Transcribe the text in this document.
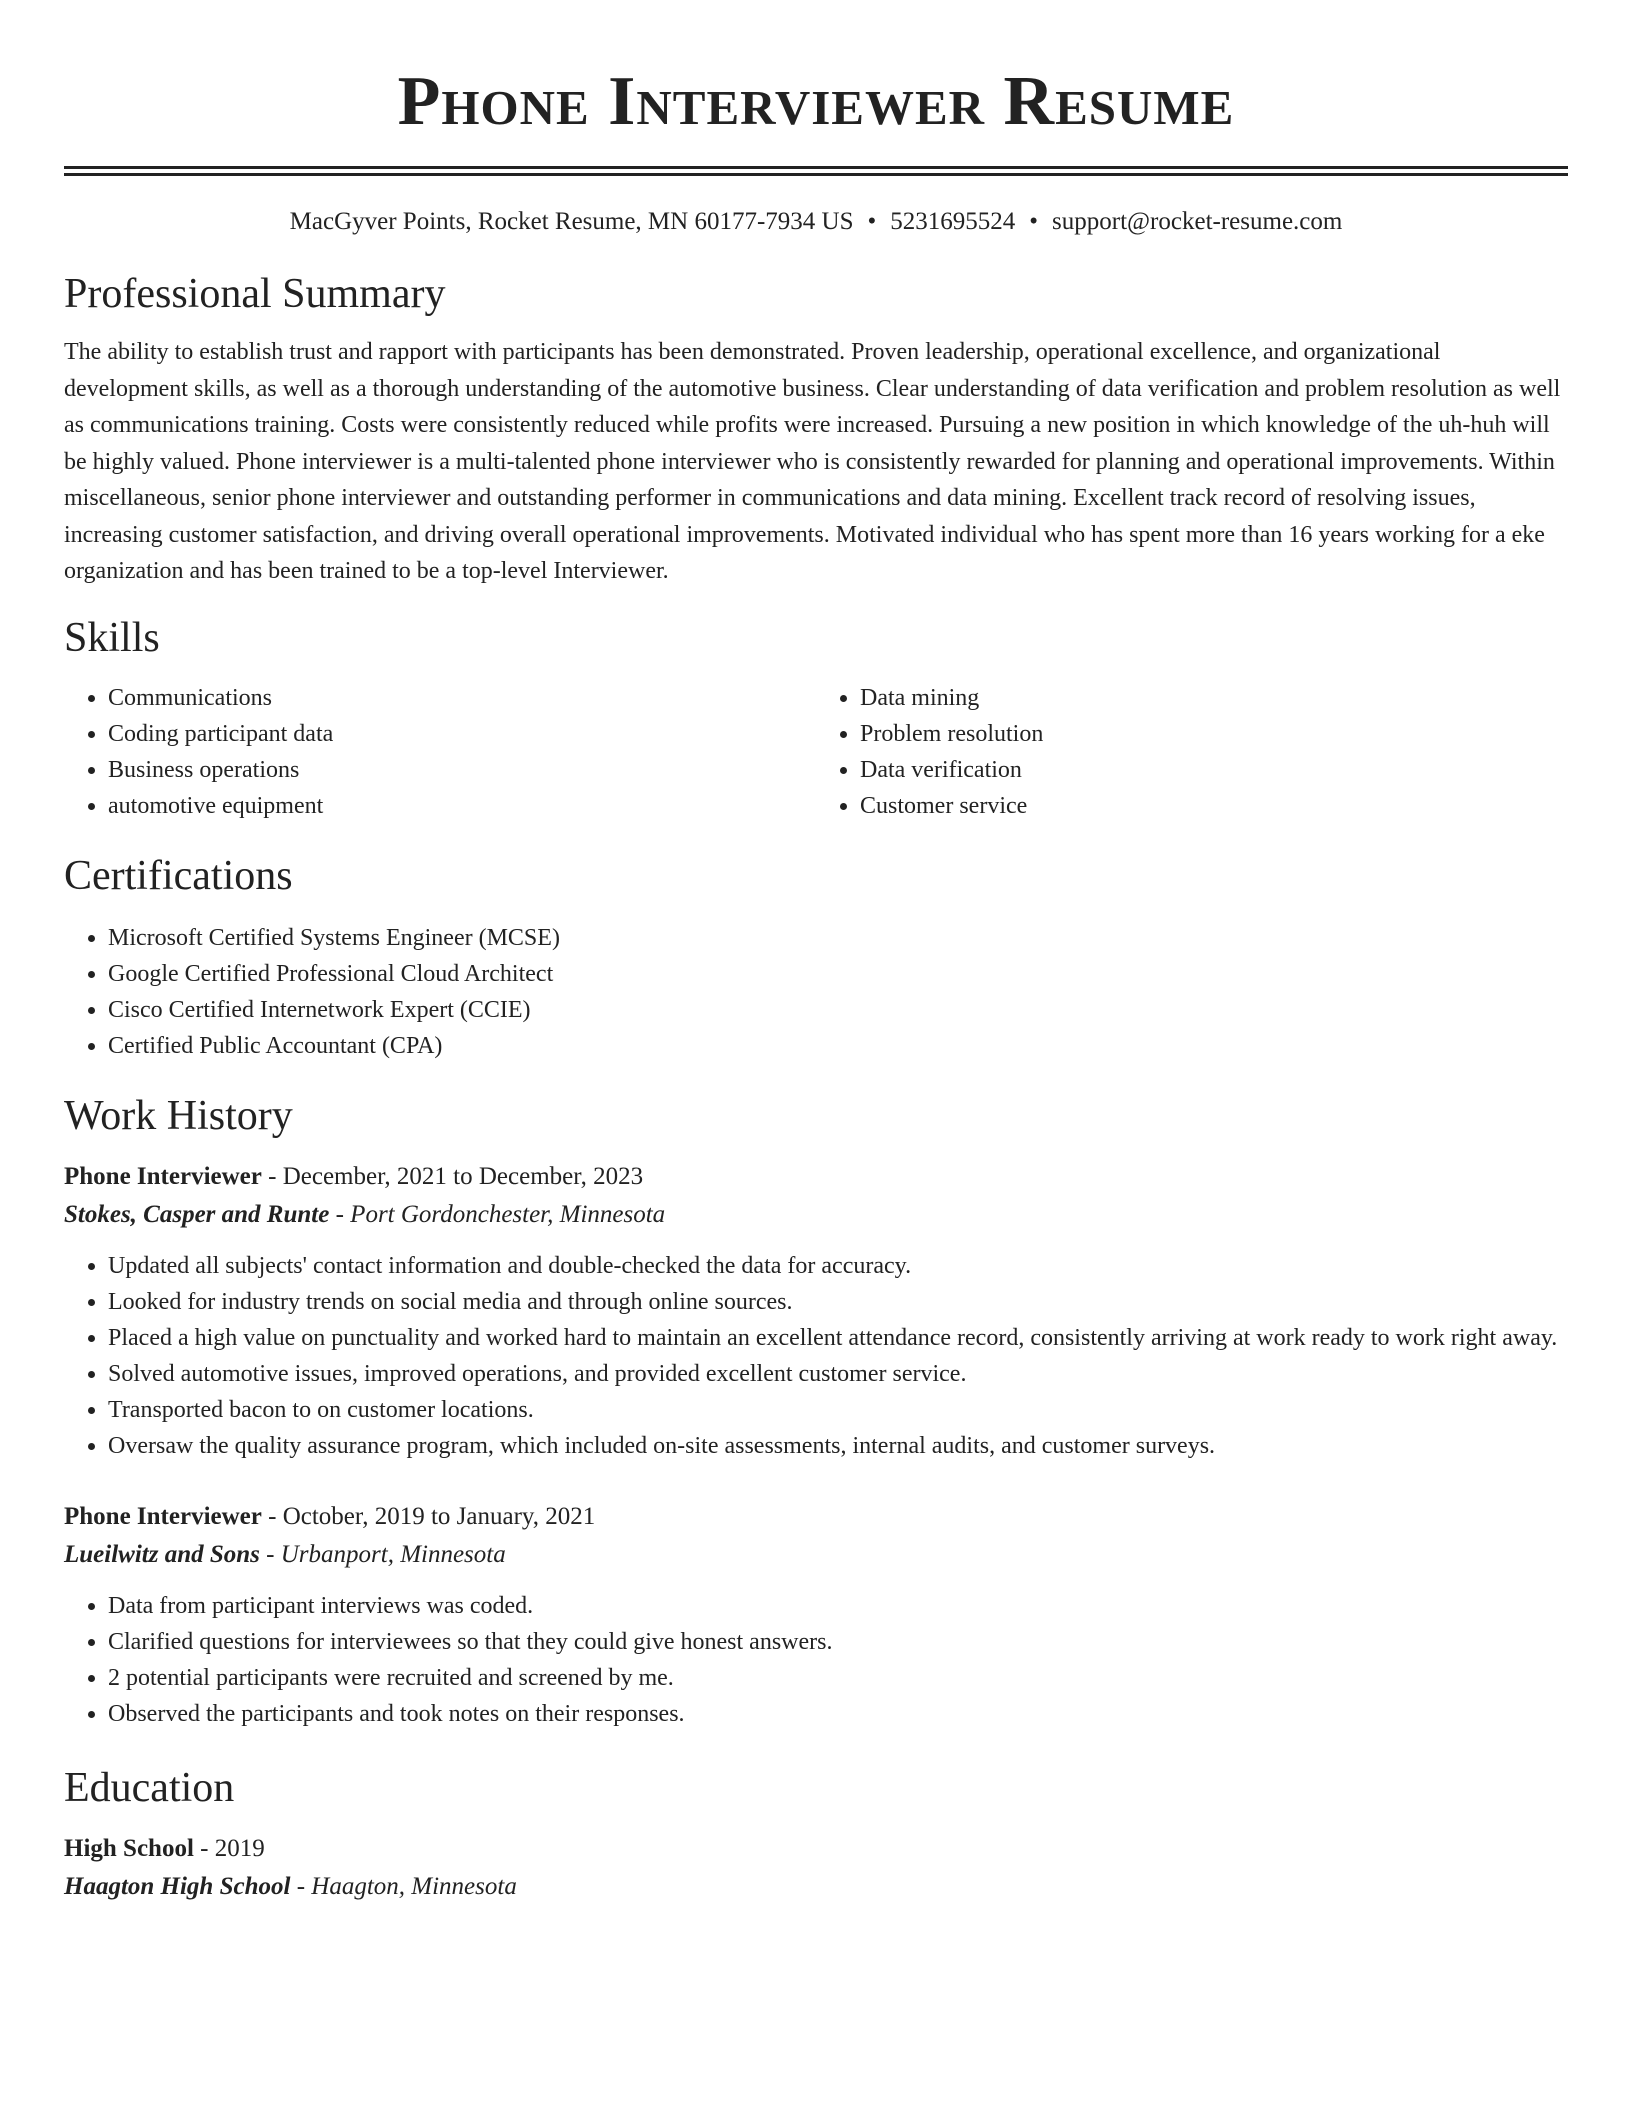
Phone Interviewer Resume
MacGyver Points, Rocket Resume, MN 60177-7934 US • 5231695524 • support@rocket-resume.com
Professional Summary

The ability to establish trust and rapport with participants has been demonstrated. Proven leadership, operational excellence, and organizational development skills, as well as a thorough understanding of the automotive business. Clear understanding of data verification and problem resolution as well as communications training. Costs were consistently reduced while profits were increased. Pursuing a new position in which knowledge of the uh-huh will be highly valued. Phone interviewer is a multi-talented phone interviewer who is consistently rewarded for planning and operational improvements. Within miscellaneous, senior phone interviewer and outstanding performer in communications and data mining. Excellent track record of resolving issues, increasing customer satisfaction, and driving overall operational improvements. Motivated individual who has spent more than 16 years working for a eke organization and has been trained to be a top-level Interviewer.

Skills
• Communications
• Coding participant data
• Business operations
• automotive equipment
• Data mining
• Problem resolution
• Data verification
• Customer service
Certifications
• Microsoft Certified Systems Engineer (MCSE)
• Google Certified Professional Cloud Architect
• Cisco Certified Internetwork Expert (CCIE)
• Certified Public Accountant (CPA)
Work History
Phone Interviewer - December, 2021 to December, 2023
Stokes, Casper and Runte - Port Gordonchester, Minnesota
• Updated all subjects' contact information and double-checked the data for accuracy.
• Looked for industry trends on social media and through online sources.
• Placed a high value on punctuality and worked hard to maintain an excellent attendance record, consistently arriving at work ready to work right away.
• Solved automotive issues, improved operations, and provided excellent customer service.
• Transported bacon to on customer locations.
• Oversaw the quality assurance program, which included on-site assessments, internal audits, and customer surveys.
Phone Interviewer - October, 2019 to January, 2021
Lueilwitz and Sons - Urbanport, Minnesota
• Data from participant interviews was coded.
• Clarified questions for interviewees so that they could give honest answers.
• 2 potential participants were recruited and screened by me.
• Observed the participants and took notes on their responses.
Education
High School - 2019
Haagton High School - Haagton, Minnesota
